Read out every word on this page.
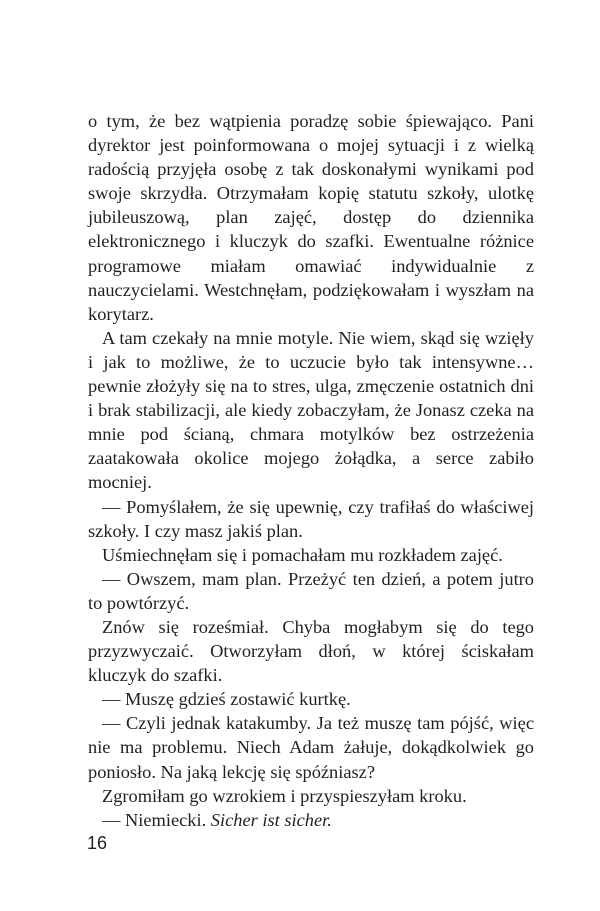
o tym, że bez wątpienia poradzę sobie śpiewająco. Pani dyrektor jest poinformowana o mojej sytuacji i z wielką radością przyjęła osobę z tak doskonałymi wynikami pod swoje skrzydła. Otrzymałam kopię statutu szkoły, ulotkę jubileuszową, plan zajęć, dostęp do dziennika elektronicznego i kluczyk do szafki. Ewentualne różnice programowe miałam omawiać indywidualnie z nauczycielami. Westchnęłam, podziękowałam i wyszłam na korytarz.

A tam czekały na mnie motyle. Nie wiem, skąd się wzięły i jak to możliwe, że to uczucie było tak intensywne… pewnie złożyły się na to stres, ulga, zmęczenie ostatnich dni i brak stabilizacji, ale kiedy zobaczyłam, że Jonasz czeka na mnie pod ścianą, chmara motylków bez ostrzeżenia zaatakowała okolice mojego żołądka, a serce zabiło mocniej.

— Pomyślałem, że się upewnię, czy trafiłaś do właściwej szkoły. I czy masz jakiś plan.

Uśmiechnęłam się i pomachałam mu rozkładem zajęć.

— Owszem, mam plan. Przeżyć ten dzień, a potem jutro to powtórzyć.

Znów się roześmiał. Chyba mogłabym się do tego przyzwyczaić. Otworzyłam dłoń, w której ściskałam kluczyk do szafki.

— Muszę gdzieś zostawić kurtkę.

— Czyli jednak katakumby. Ja też muszę tam pójść, więc nie ma problemu. Niech Adam żałuje, dokądkolwiek go poniosło. Na jaką lekcję się spóźniasz?

Zgromiłam go wzrokiem i przyspieszyłam kroku.

— Niemiecki. Sicher ist sicher.

16
